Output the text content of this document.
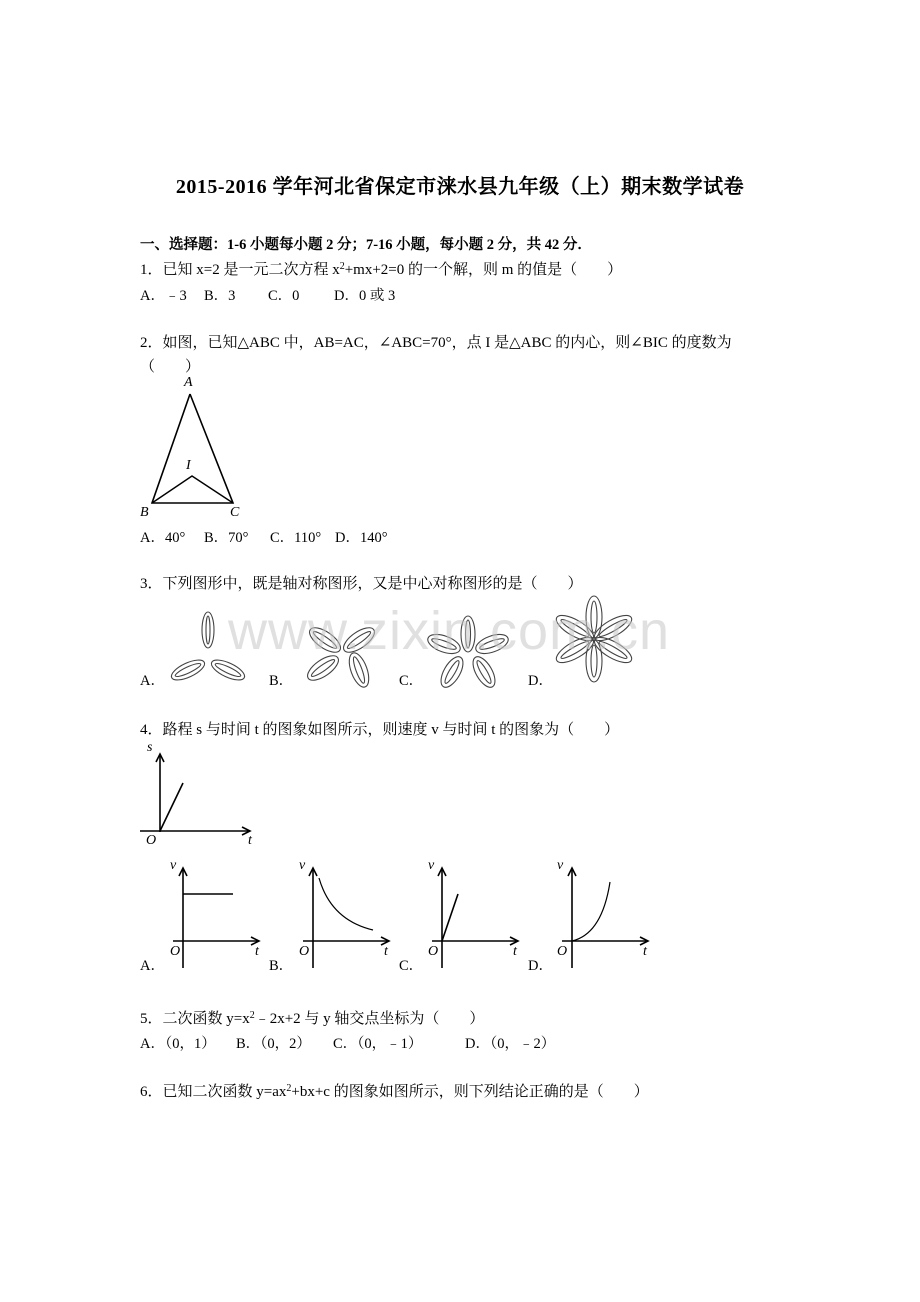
2015-2016 学年河北省保定市涞水县九年级（上）期末数学试卷
一、选择题：1-6 小题每小题 2 分；7-16 小题，每小题 2 分，共 42 分．
1．已知 x=2 是一元二次方程 $x^2+mx+2=0$ 的一个解，则 m 的值是（　　）
A．﹣3 B．3 C．0 D．0 或 3
2．如图，已知△ABC 中，AB=AC，∠ABC=70°，点 I 是△ABC 的内心，则∠BIC 的度数为
（　　）
A
I
B	C
A．40° B．70° C．110° D．140°
3．下列图形中，既是轴对称图形，又是中心对称图形的是（　　）
A．	B．	C．	D．
www.zixin.com.cn
4．路程 s 与时间 t 的图象如图所示，则速度 v 与时间 t 的图象为（　　）
s
t
O
v	v	v	v
O	O	O	O
t	t	t	t
A．	B．	C．	D．
5．二次函数 $y=x^2﹣2x+2$ 与 y 轴交点坐标为（　　）
A．（0，1） B．（0，2） C．（0，﹣1）	D．（0，﹣2）
6．已知二次函数 $y=ax^2+bx+c$ 的图象如图所示，则下列结论正确的是（　　）
